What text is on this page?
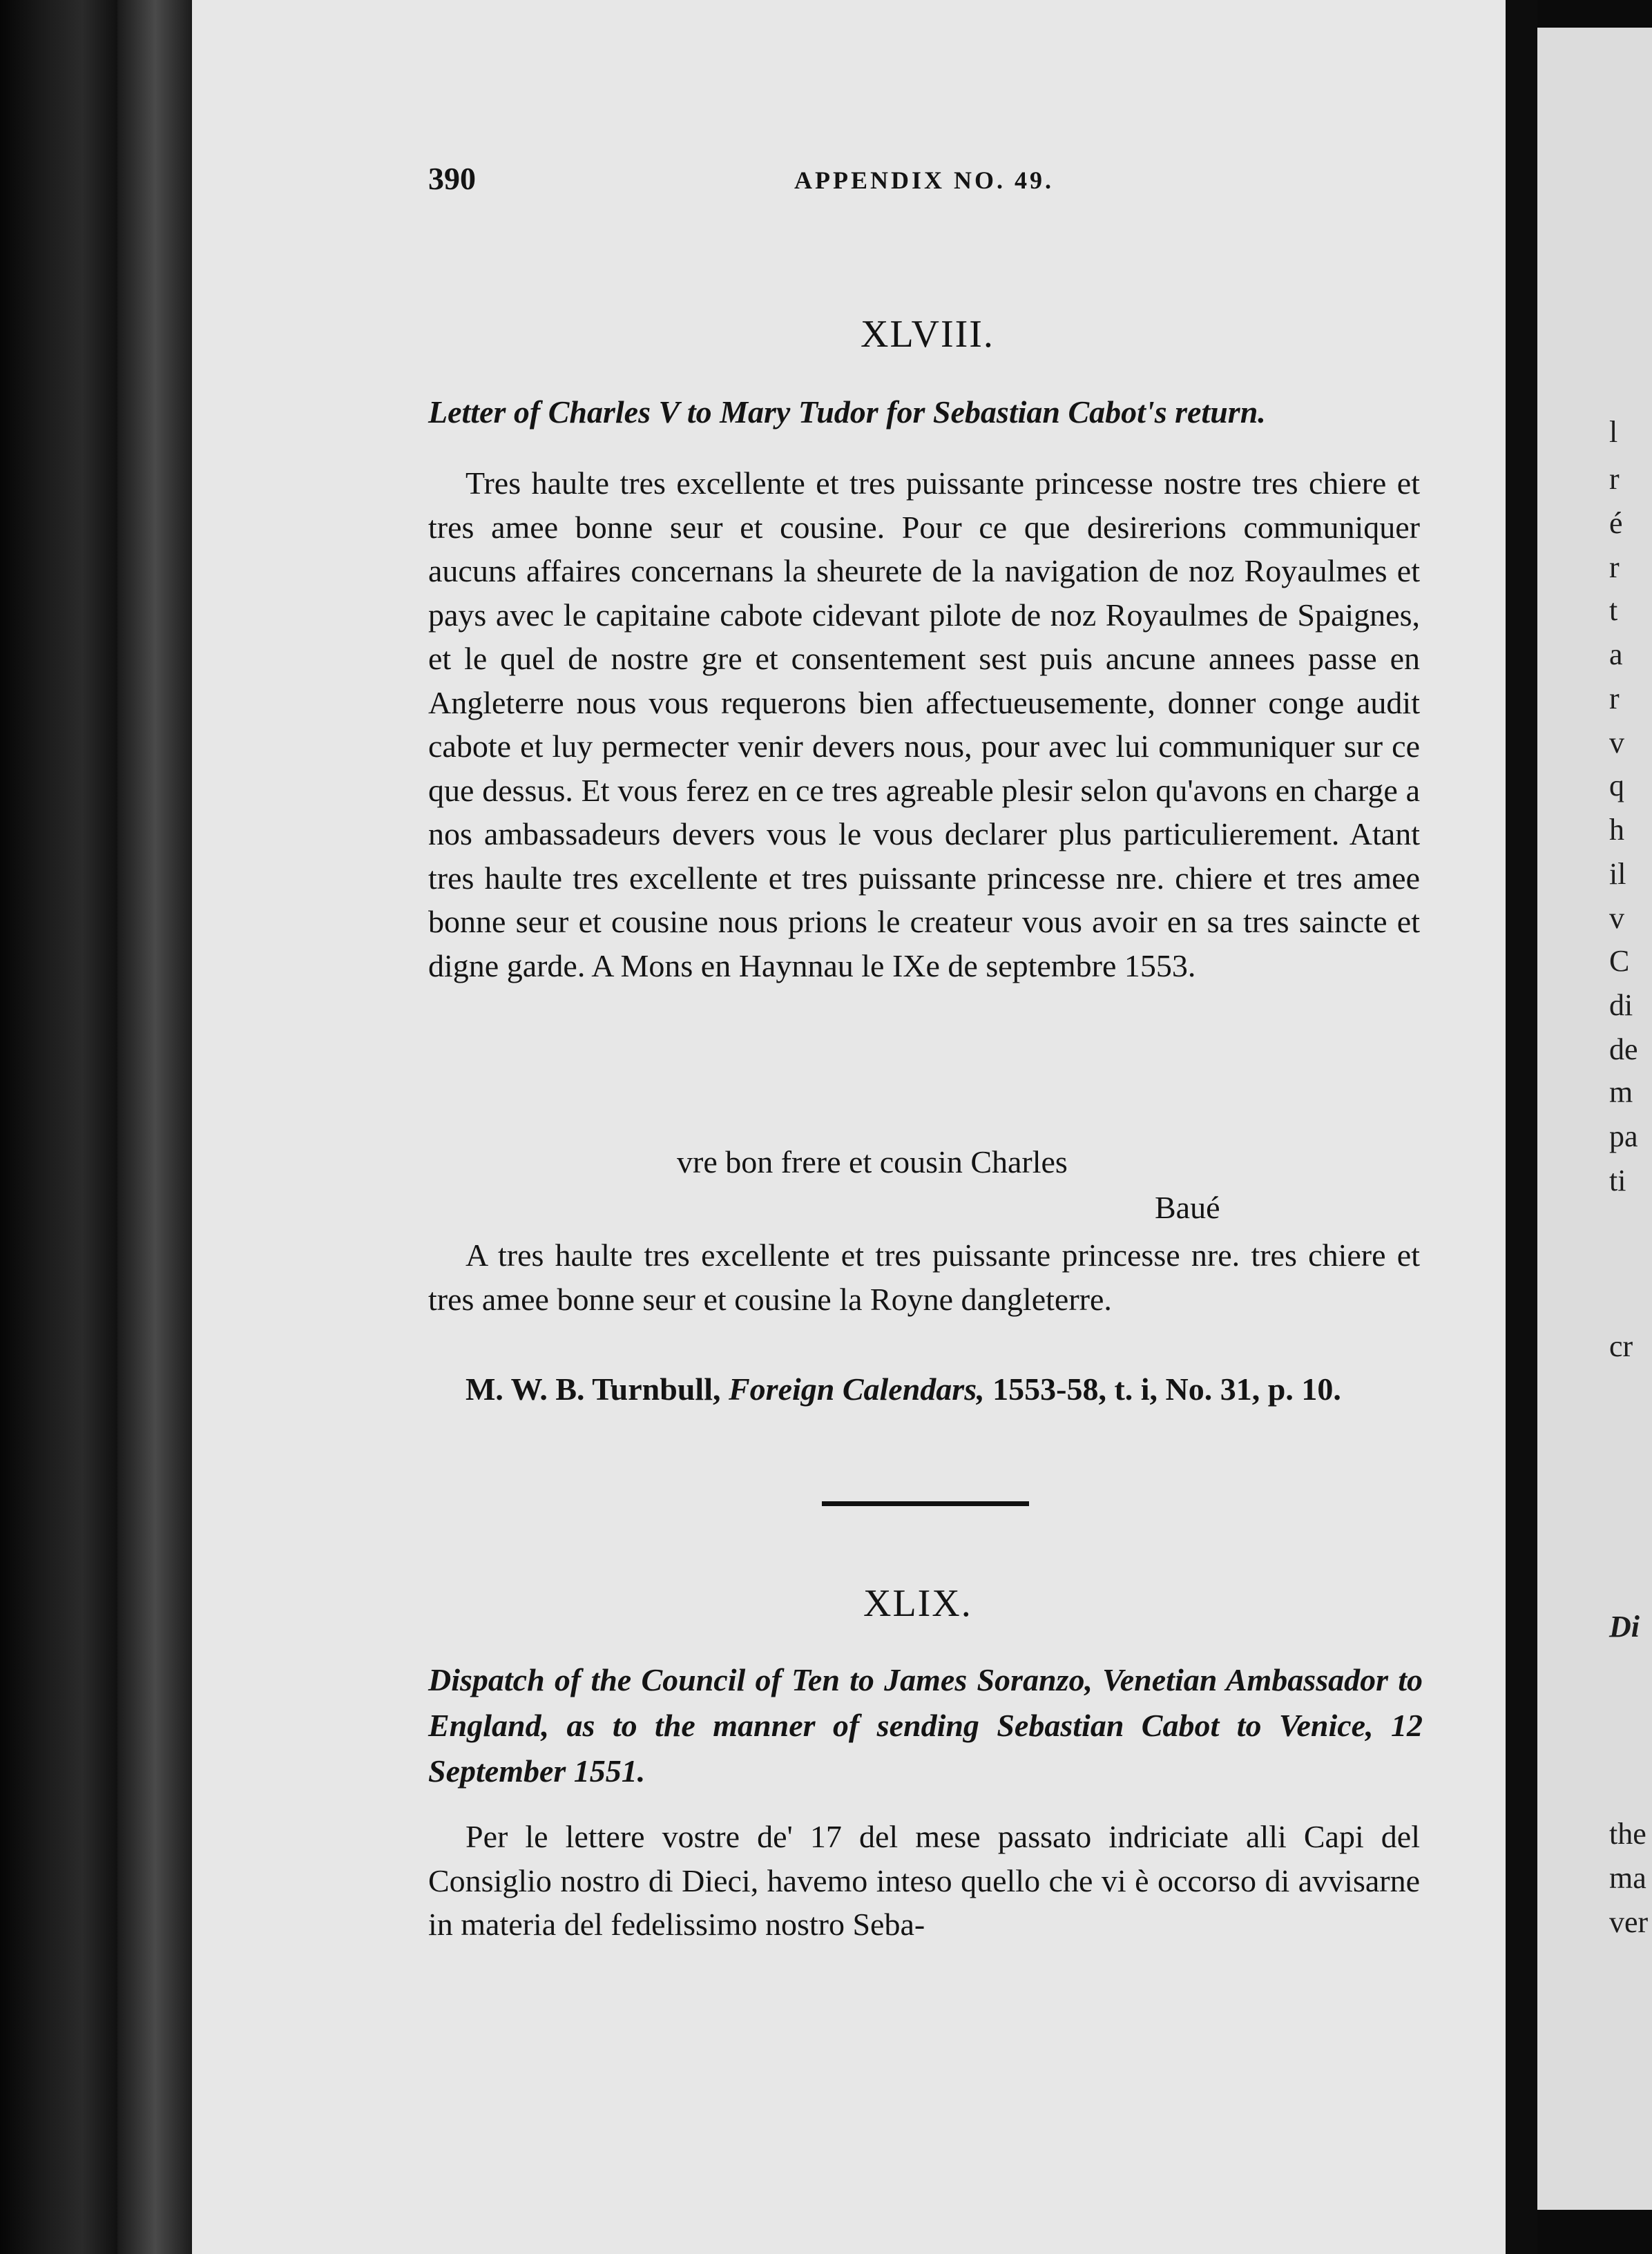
390	APPENDIX NO. 49.
XLVIII.
Letter of Charles V to Mary Tudor for Sebastian Cabot's return.
Tres haulte tres excellente et tres puissante princesse nostre tres chiere et tres amee bonne seur et cousine. Pour ce que desirerions communiquer aucuns affaires concernans la sheurete de la navigation de noz Royaulmes et pays avec le capitaine cabote cidevant pilote de noz Royaulmes de Spaignes, et le quel de nostre gre et consentement sest puis ancune annees passe en Angleterre nous vous requerons bien affectueusemente, donner conge audit cabote et luy permecter venir devers nous, pour avec lui communiquer sur ce que dessus. Et vous ferez en ce tres agreable plesir selon qu'avons en charge a nos ambassadeurs devers vous le vous declarer plus particulierement. Atant tres haulte tres excellente et tres puissante princesse nre. chiere et tres amee bonne seur et cousine nous prions le createur vous avoir en sa tres saincte et digne garde. A Mons en Haynnau le IXe de septembre 1553.
vre bon frere et cousin Charles
Baué
A tres haulte tres excellente et tres puissante princesse nre. tres chiere et tres amee bonne seur et cousine la Royne dangleterre.
M. W. B. Turnbull, Foreign Calendars, 1553-58, t. i, No. 31, p. 10.
XLIX.
Dispatch of the Council of Ten to James Soranzo, Venetian Ambassador to England, as to the manner of sending Sebastian Cabot to Venice, 12 September 1551.
Per le lettere vostre de' 17 del mese passato indriciate alli Capi del Consiglio nostro di Dieci, havemo inteso quello che vi è occorso di avvisarne in materia del fedelissimo nostro Seba-
l
r
é
r
t
a
r
v
q
h
il
v
C
di
de
m
pa
ti
cr
Di
the
ma
ver
